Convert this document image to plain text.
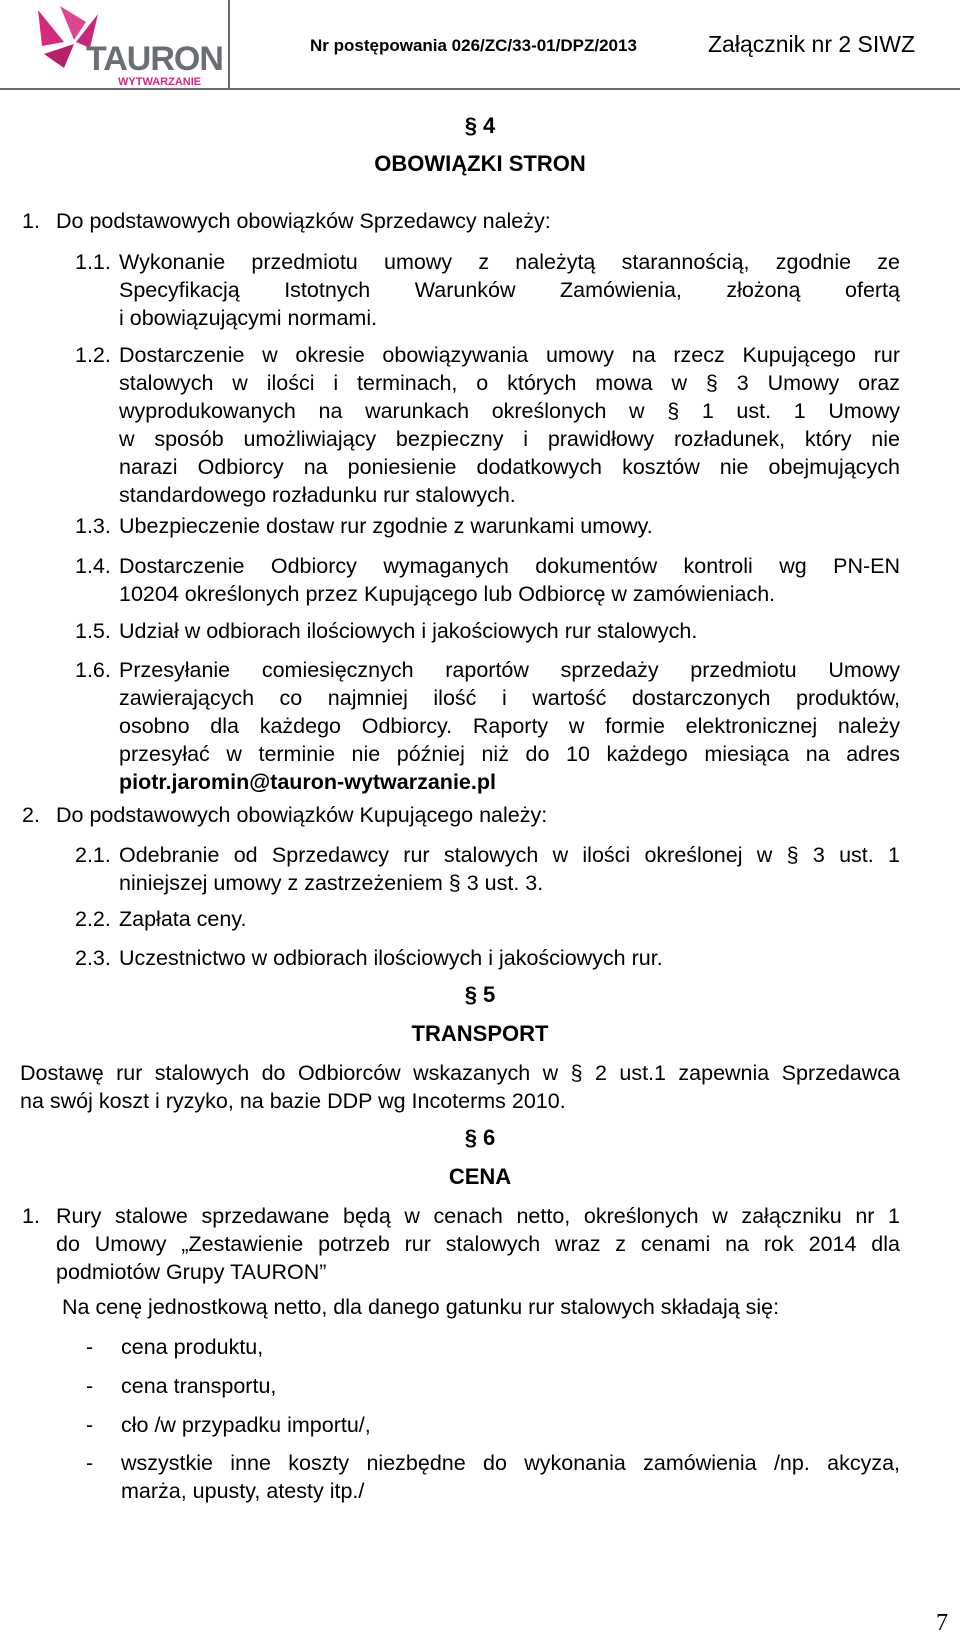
TAURON
WYTWARZANIE
Nr postępowania 026/ZC/33-01/DPZ/2013	Załącznik nr 2 SIWZ
§ 4
OBOWIĄZKI STRON
1. Do podstawowych obowiązków Sprzedawcy należy:
1.1. Wykonanie przedmiotu umowy z należytą starannością, zgodnie ze
Specyfikacją Istotnych Warunków Zamówienia, złożoną ofertą
i obowiązującymi normami.
1.2. Dostarczenie w okresie obowiązywania umowy na rzecz Kupującego rur
stalowych w ilości i terminach, o których mowa w § 3 Umowy oraz
wyprodukowanych na warunkach określonych w § 1 ust. 1 Umowy
w sposób umożliwiający bezpieczny i prawidłowy rozładunek, który nie
narazi Odbiorcy na poniesienie dodatkowych kosztów nie obejmujących
standardowego rozładunku rur stalowych.
1.3. Ubezpieczenie dostaw rur zgodnie z warunkami umowy.
1.4. Dostarczenie Odbiorcy wymaganych dokumentów kontroli wg PN-EN
10204 określonych przez Kupującego lub Odbiorcę w zamówieniach.
1.5. Udział w odbiorach ilościowych i jakościowych rur stalowych.
1.6. Przesyłanie comiesięcznych raportów sprzedaży przedmiotu Umowy
zawierających co najmniej ilość i wartość dostarczonych produktów,
osobno dla każdego Odbiorcy. Raporty w formie elektronicznej należy
przesyłać w terminie nie później niż do 10 każdego miesiąca na adres
piotr.jaromin@tauron-wytwarzanie.pl
2. Do podstawowych obowiązków Kupującego należy:
2.1. Odebranie od Sprzedawcy rur stalowych w ilości określonej w § 3 ust. 1
niniejszej umowy z zastrzeżeniem § 3 ust. 3.
2.2. Zapłata ceny.
2.3. Uczestnictwo w odbiorach ilościowych i jakościowych rur.
§ 5
TRANSPORT
Dostawę rur stalowych do Odbiorców wskazanych w § 2 ust.1 zapewnia Sprzedawca
na swój koszt i ryzyko, na bazie DDP wg Incoterms 2010.
§ 6
CENA
1. Rury stalowe sprzedawane będą w cenach netto, określonych w załączniku nr 1
do Umowy „Zestawienie potrzeb rur stalowych wraz z cenami na rok 2014 dla
podmiotów Grupy TAURON”
Na cenę jednostkową netto, dla danego gatunku rur stalowych składają się:
- cena produktu,
- cena transportu,
- cło /w przypadku importu/,
- wszystkie inne koszty niezbędne do wykonania zamówienia /np. akcyza,
marża, upusty, atesty itp./
7
